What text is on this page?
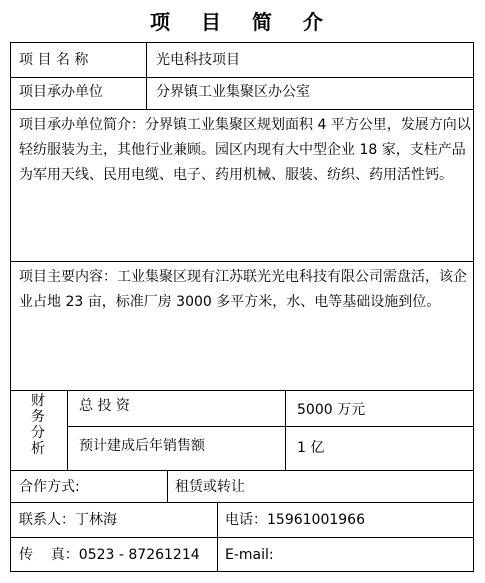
项 目 简 介
项 目 名 称	光电科技项目
项目承办单位	分界镇工业集聚区办公室
项目承办单位简介：分界镇工业集聚区规划面积 4 平方公里，发展方向以轻纺服装为主，其他行业兼顾。园区内现有大中型企业 18 家，支柱产品为军用天线、民用电缆、电子、药用机械、服装、纺织、药用活性钙。
项目主要内容：工业集聚区现有江苏联光光电科技有限公司需盘活，该企业占地 23 亩，标准厂房 3000 多平方米，水、电等基础设施到位。
财务分析
总 投 资	5000 万元
预计建成后年销售额	1 亿
合作方式:	租赁或转让
联系人：丁林海	电话：15961001966
传    真：0523 - 87261214 E-mail:
